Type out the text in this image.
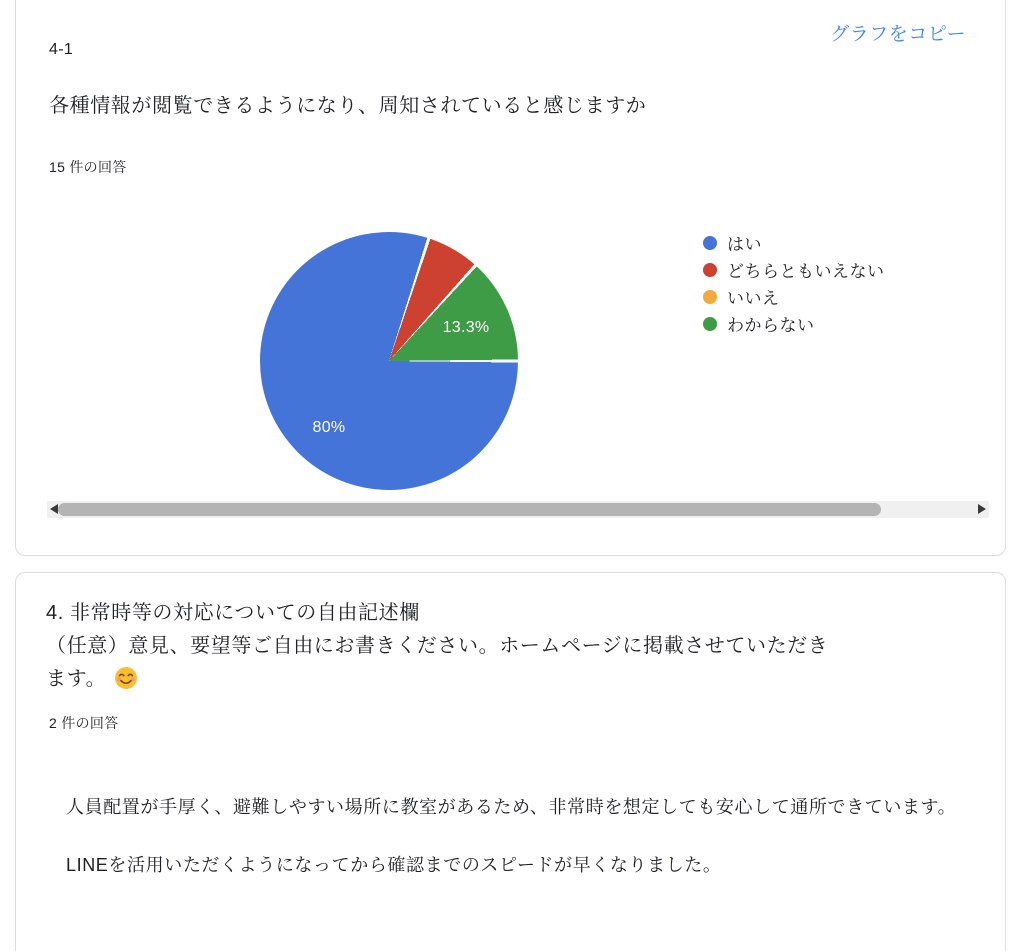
グラフをコピー
4-1
各種情報が閲覧できるようになり、周知されていると感じますか
15 件の回答
80%
13.3%
はい
どちらともいえない
いいえ
わからない
4. 非常時等の対応についての自由記述欄
（任意）意見、要望等ご自由にお書きください。ホームページに掲載させていただきます。
2 件の回答
人員配置が手厚く、避難しやすい場所に教室があるため、非常時を想定しても安心して通所できています。
LINEを活用いただくようになってから確認までのスピードが早くなりました。
